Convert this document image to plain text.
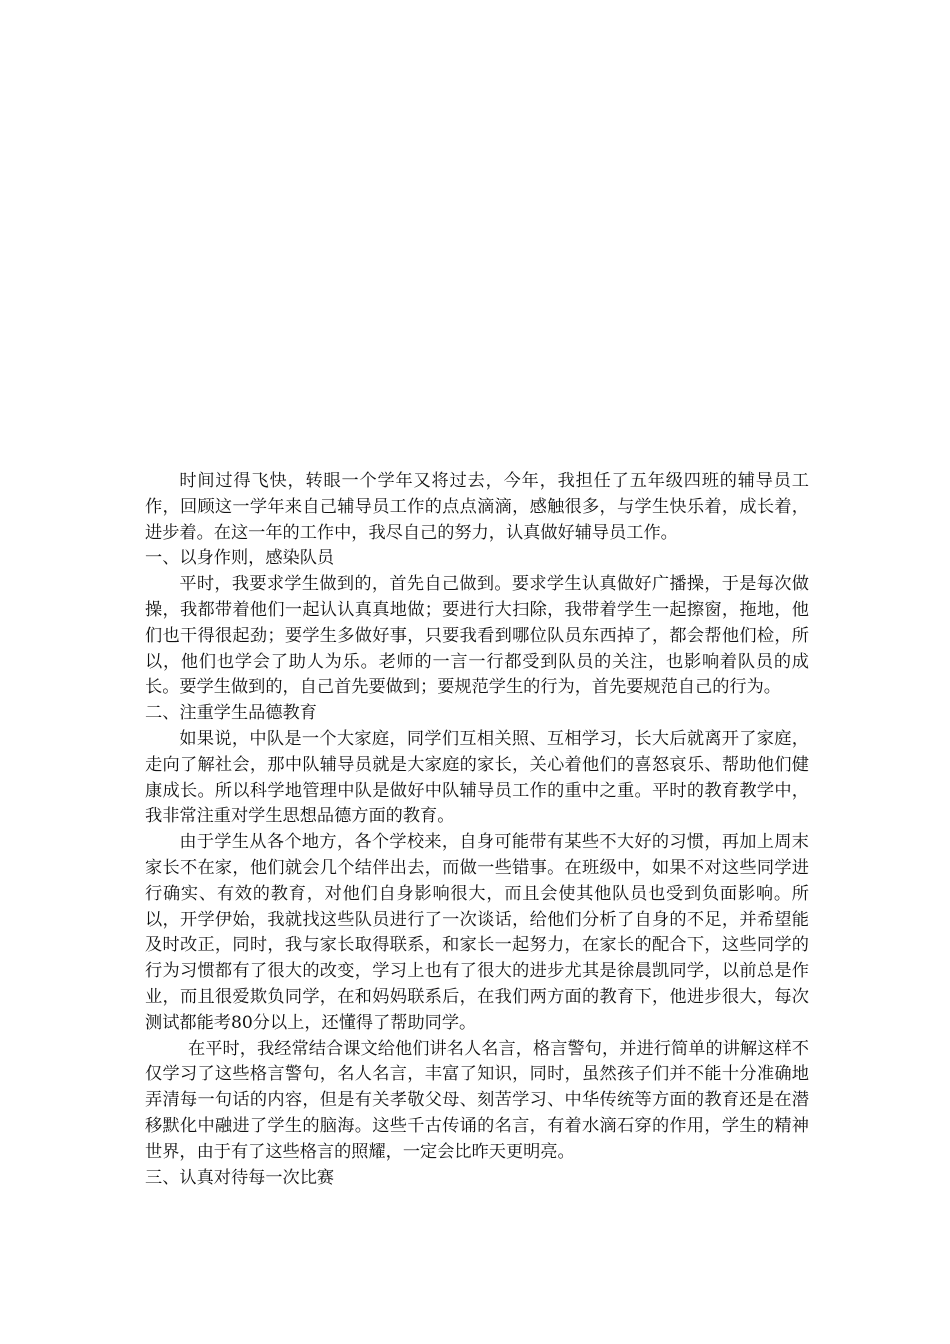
时间过得飞快，转眼一个学年又将过去，今年，我担任了五年级四班的辅导员工作，回顾这一学年来自己辅导员工作的点点滴滴，感触很多，与学生快乐着，成长着，进步着。在这一年的工作中，我尽自己的努力，认真做好辅导员工作。

一、以身作则，感染队员

平时，我要求学生做到的，首先自己做到。要求学生认真做好广播操，于是每次做操，我都带着他们一起认认真真地做；要进行大扫除，我带着学生一起擦窗，拖地，他们也干得很起劲；要学生多做好事，只要我看到哪位队员东西掉了，都会帮他们检，所以，他们也学会了助人为乐。老师的一言一行都受到队员的关注，也影响着队员的成长。要学生做到的，自己首先要做到；要规范学生的行为，首先要规范自己的行为。

二、注重学生品德教育

如果说，中队是一个大家庭，同学们互相关照、互相学习，长大后就离开了家庭，走向了解社会，那中队辅导员就是大家庭的家长，关心着他们的喜怒哀乐、帮助他们健康成长。所以科学地管理中队是做好中队辅导员工作的重中之重。平时的教育教学中，我非常注重对学生思想品德方面的教育。

由于学生从各个地方，各个学校来，自身可能带有某些不大好的习惯，再加上周末家长不在家，他们就会几个结伴出去，而做一些错事。在班级中，如果不对这些同学进行确实、有效的教育，对他们自身影响很大，而且会使其他队员也受到负面影响。所以，开学伊始，我就找这些队员进行了一次谈话，给他们分析了自身的不足，并希望能及时改正，同时，我与家长取得联系，和家长一起努力，在家长的配合下，这些同学的行为习惯都有了很大的改变，学习上也有了很大的进步尤其是徐晨凯同学，以前总是作业，而且很爱欺负同学，在和妈妈联系后，在我们两方面的教育下，他进步很大，每次测试都能考80分以上，还懂得了帮助同学。

在平时，我经常结合课文给他们讲名人名言，格言警句，并进行简单的讲解这样不仅学习了这些格言警句，名人名言，丰富了知识，同时，虽然孩子们并不能十分准确地弄清每一句话的内容，但是有关孝敬父母、刻苦学习、中华传统等方面的教育还是在潜移默化中融进了学生的脑海。这些千古传诵的名言，有着水滴石穿的作用，学生的精神世界，由于有了这些格言的照耀，一定会比昨天更明亮。

三、认真对待每一次比赛
